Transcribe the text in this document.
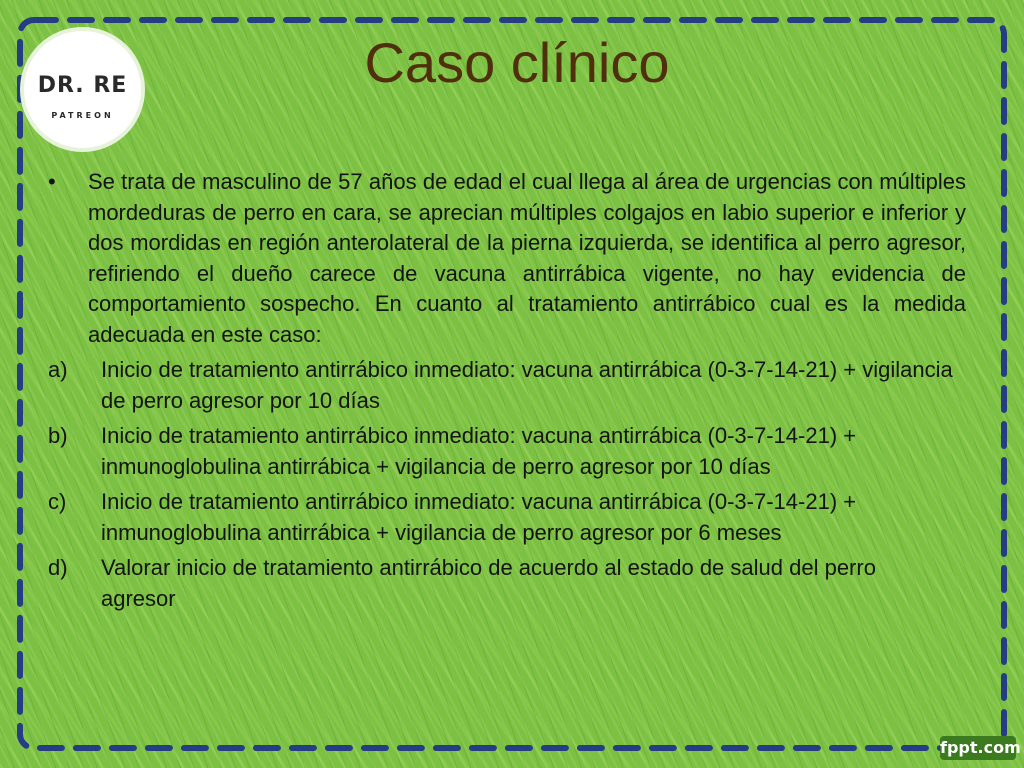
DR. RE
PATREON
Caso clínico
•	Se trata de masculino de 57 años de edad el cual llega al área de urgencias con múltiples mordeduras de perro en cara, se aprecian múltiples colgajos en labio superior e inferior y dos mordidas en región anterolateral de la pierna izquierda, se identifica al perro agresor, refiriendo el dueño carece de vacuna antirrábica vigente, no hay evidencia de comportamiento sospecho. En cuanto al tratamiento antirrábico cual es la medida adecuada en este caso:
a)	Inicio de tratamiento antirrábico inmediato: vacuna antirrábica (0-3-7-14-21) + vigilancia de perro agresor por 10 días
b)	Inicio de tratamiento antirrábico inmediato: vacuna antirrábica (0-3-7-14-21) + inmunoglobulina antirrábica + vigilancia de perro agresor por 10 días
c)	Inicio de tratamiento antirrábico inmediato: vacuna antirrábica (0-3-7-14-21) + inmunoglobulina antirrábica + vigilancia de perro agresor por 6 meses
d)	Valorar inicio de tratamiento antirrábico de acuerdo al estado de salud del perro agresor
fppt.com
